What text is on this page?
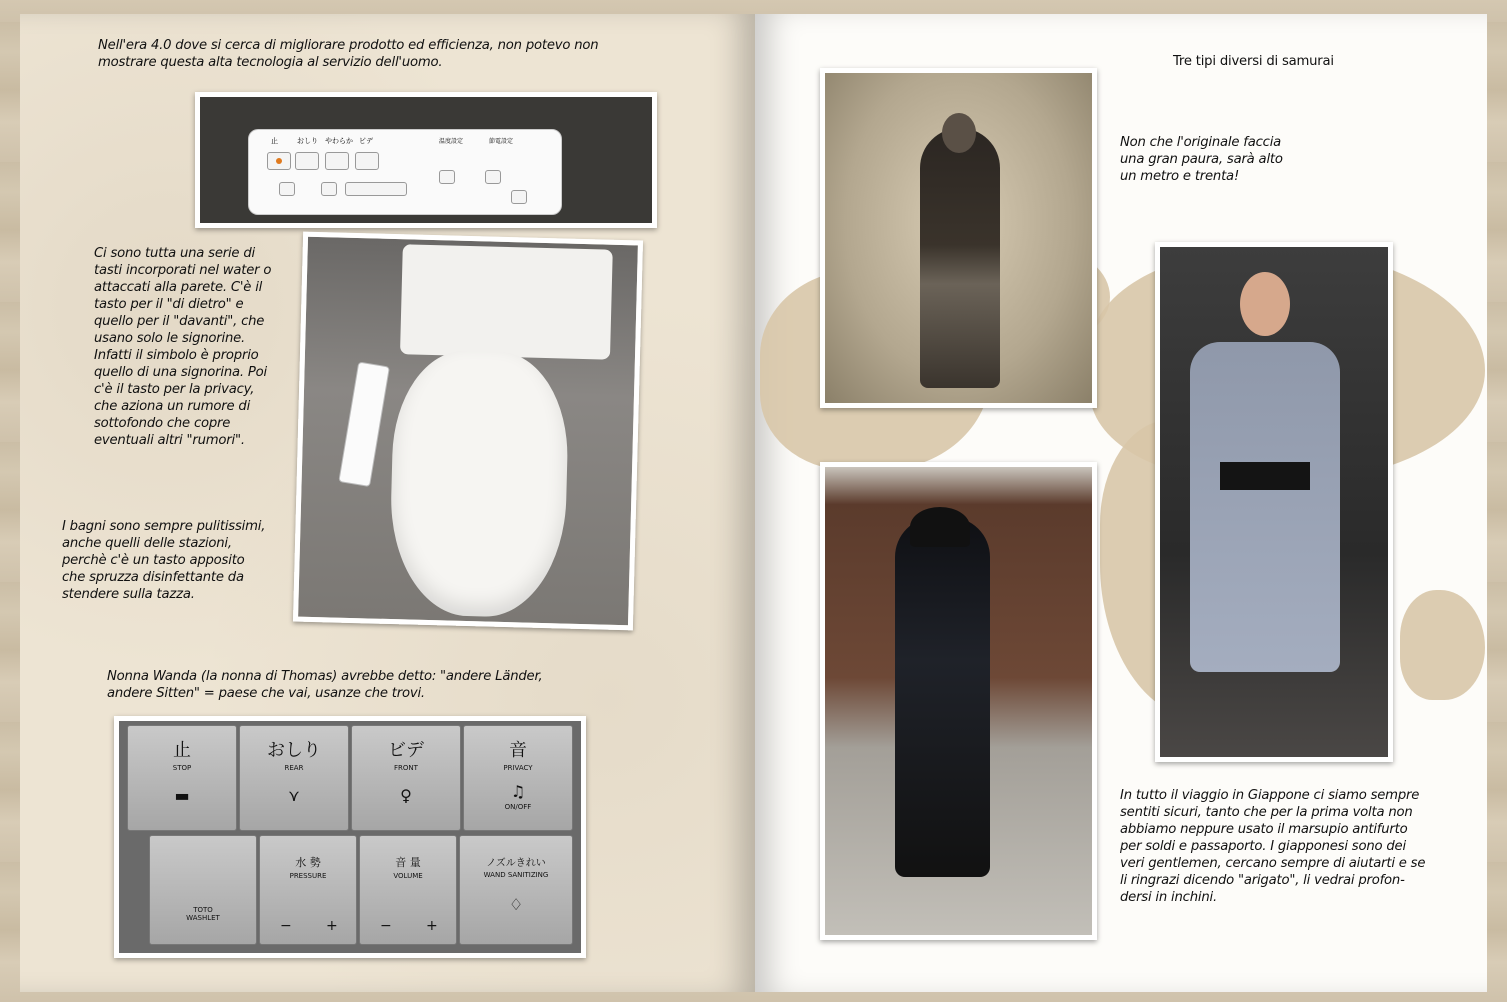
Nell'era 4.0 dove si cerca di migliorare prodotto ed efficienza, non potevo non
mostrare questa alta tecnologia al servizio dell'uomo.
止	おしり やわらか ビデ	温度設定	節電設定
Ci sono tutta una serie di
tasti incorporati nel water o
attaccati alla parete. C'è il
tasto per il "di dietro" e
quello per il "davanti", che
usano solo le signorine.
Infatti il simbolo è proprio
quello di una signorina. Poi
c'è il tasto per la privacy,
che aziona un rumore di
sottofondo che copre
eventuali altri "rumori".
I bagni sono sempre pulitissimi,
anche quelli delle stazioni,
perchè c'è un tasto apposito
che spruzza disinfettante da
stendere sulla tazza.
Nonna Wanda (la nonna di Thomas) avrebbe detto: "andere Länder,
andere Sitten" = paese che vai, usanze che trovi.
止
STOP
▬
おしり
REAR
⋎
ビデ
FRONT
♀
音
PRIVACY
♫
ON/OFF
TOTO
WASHLET
水 勢
PRESSURE
− +
音 量
VOLUME
− +
ノズルきれい
WAND SANITIZING
♢
Tre tipi diversi di samurai
Non che l'originale faccia
una gran paura, sarà alto
un metro e trenta!
In tutto il viaggio in Giappone ci siamo sempre
sentiti sicuri, tanto che per la prima volta non
abbiamo neppure usato il marsupio antifurto
per soldi e passaporto. I giapponesi sono dei
veri gentlemen, cercano sempre di aiutarti e se
li ringrazi dicendo "arigato", li vedrai profon-
dersi in inchini.
